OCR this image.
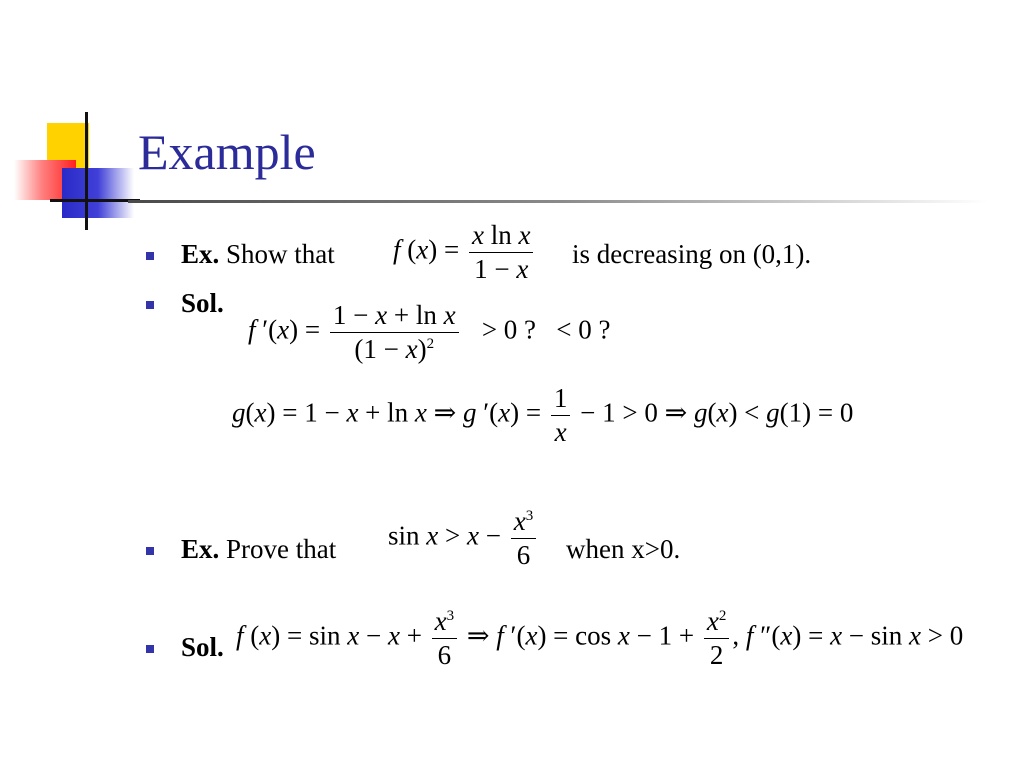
Example
Ex. Show that f $(x) = \frac{\text{x ln x}}{1 - x}$ is decreasing on (0,1).
Sol.
f $'(x) = \frac{\text{1 − x + ln x}}{(1 - x)^2} > 0$ ?   < 0 ?
g(x) = 1 − x + ln x ⇒ g $'(x) = \frac{1}{x} - 1 > 0$ ⇒ g(x) < g(1) = 0
Ex. Prove that $\sin x > x - \frac{x^3}{6}$ when x>0.
Sol. f $(x) = \sin x - x + \frac{x^3}{6}$ ⇒ f $'(x) = \cos x - 1 + \frac{x^2}{2}$ , f ″(x) = x − sin x > 0
